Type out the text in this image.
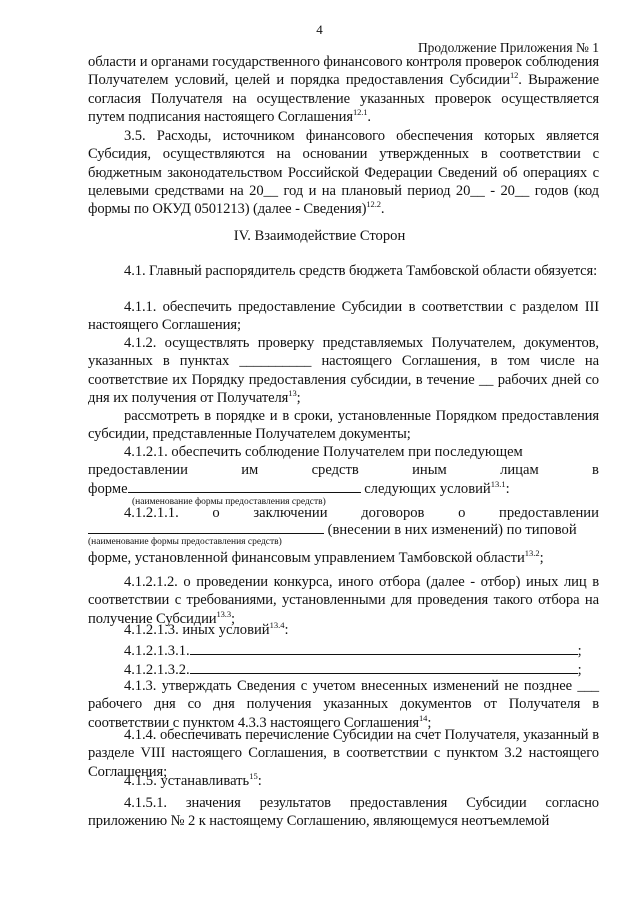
4
Продолжение Приложения № 1
области и органами государственного финансового контроля проверок соблюдения Получателем условий, целей и порядка предоставления Субсидии$^{12}$. Выражение согласия Получателя на осуществление указанных проверок осуществляется путем подписания настоящего Соглашения$^{12.1}$.
3.5. Расходы, источником финансового обеспечения которых является Субсидия, осуществляются на основании утвержденных в соответствии с бюджетным законодательством Российской Федерации Сведений об операциях с целевыми средствами на 20__ год и на плановый период 20__ - 20__ годов (код формы по ОКУД 0501213) (далее - Сведения)$^{12.2}$.
IV. Взаимодействие Сторон
4.1. Главный распорядитель средств бюджета Тамбовской области обязуется:
4.1.1. обеспечить предоставление Субсидии в соответствии с разделом III настоящего Соглашения;
4.1.2. осуществлять проверку представляемых Получателем, документов, указанных в пунктах __________ настоящего Соглашения, в том числе на соответствие их Порядку предоставления субсидии, в течение __ рабочих дней со дня их получения от Получателя$^{13}$;
рассмотреть в порядке и в сроки, установленные Порядком предоставления субсидии, представленные Получателем документы;
4.1.2.1. обеспечить соблюдение Получателем при последующем
предоставлении	им	средств	иным	лицам	в
форме	следующих условий$^{13.1}$:
(наименование формы предоставления средств)
4.1.2.1.1. о заключении договоров о предоставлении
(внесении в них изменений) по типовой
(наименование формы предоставления средств)
форме, установленной финансовым управлением Тамбовской области$^{13.2}$;
4.1.2.1.2. о проведении конкурса, иного отбора (далее - отбор) иных лиц в соответствии с требованиями, установленными для проведения такого отбора на получение Субсидии$^{13.3}$;
4.1.2.1.3. иных условий$^{13.4}$:
4.1.2.1.3.1.	;
4.1.2.1.3.2.	;
4.1.3. утверждать Сведения с учетом внесенных изменений не позднее ___ рабочего дня со дня получения указанных документов от Получателя в соответствии с пунктом 4.3.3 настоящего Соглашения$^{14}$;
4.1.4. обеспечивать перечисление Субсидии на счет Получателя, указанный в разделе VIII настоящего Соглашения, в соответствии с пунктом 3.2 настоящего Соглашения;
4.1.5. устанавливать$^{15}$:
4.1.5.1. значения результатов предоставления Субсидии согласно приложению № 2 к настоящему Соглашению, являющемуся неотъемлемой
